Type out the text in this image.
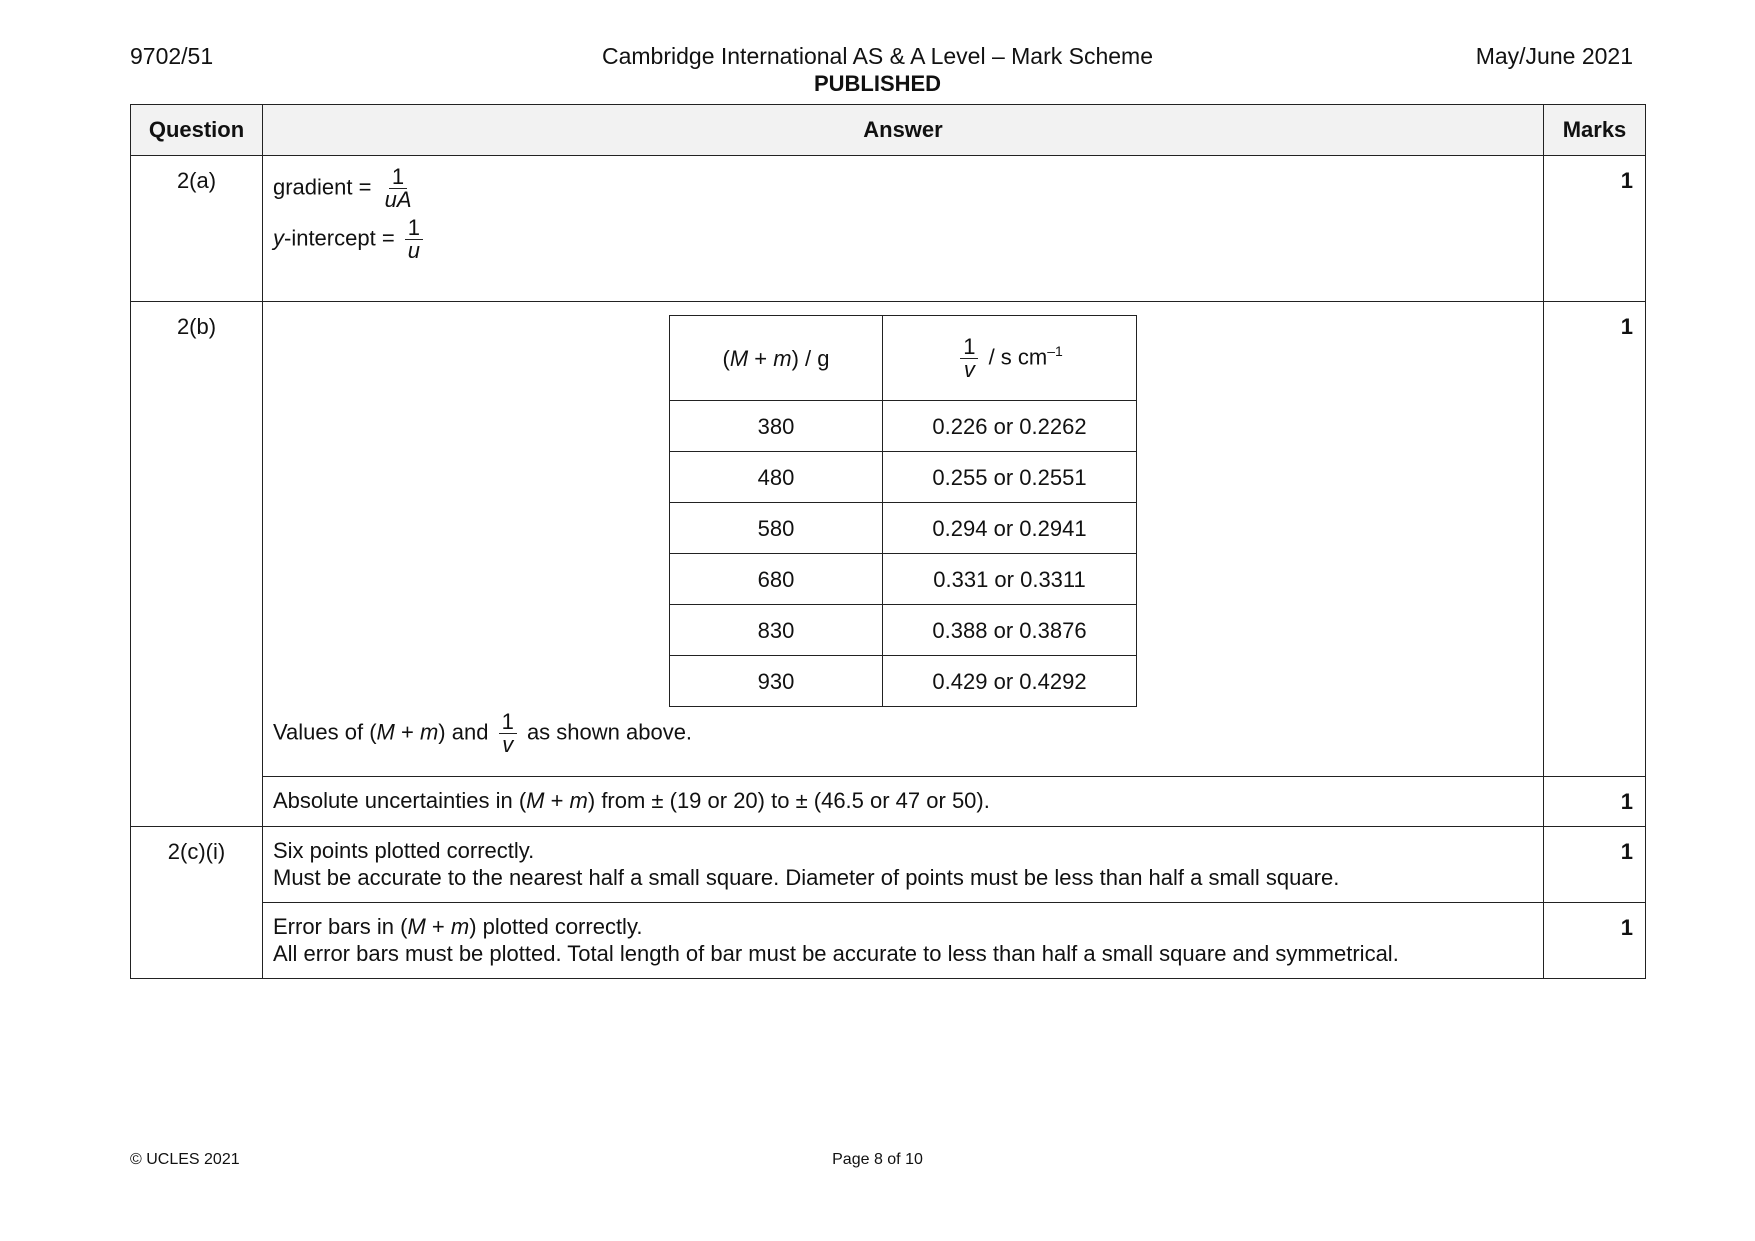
9702/51	Cambridge International AS & A Level – Mark Scheme
PUBLISHED
May/June 2021
Question	Answer	Marks
2(a)	gradient = $\frac{1}{uA}$
y-intercept = $\frac{1}{u}$
	1
2(b)	
(M + m) / g	$\frac{1}{v}$ / s $cm^{-1}$
380	0.226 or 0.2262
480	0.255 or 0.2551
580	0.294 or 0.2941
680	0.331 or 0.3311
830	0.388 or 0.3876
930	0.429 or 0.4292
Values of (M + m) and $\frac{1}{v}$ as shown above.
	1
Absolute uncertainties in (M + m) from ± (19 or 20) to ± (46.5 or 47 or 50).	1
2(c)(i)	Six points plotted correctly.
Must be accurate to the nearest half a small square. Diameter of points must be less than half a small square.
	1

Error bars in (M + m) plotted correctly.
All error bars must be plotted. Total length of bar must be accurate to less than half a small square and symmetrical.
	1
© UCLES 2021	Page 8 of 10
